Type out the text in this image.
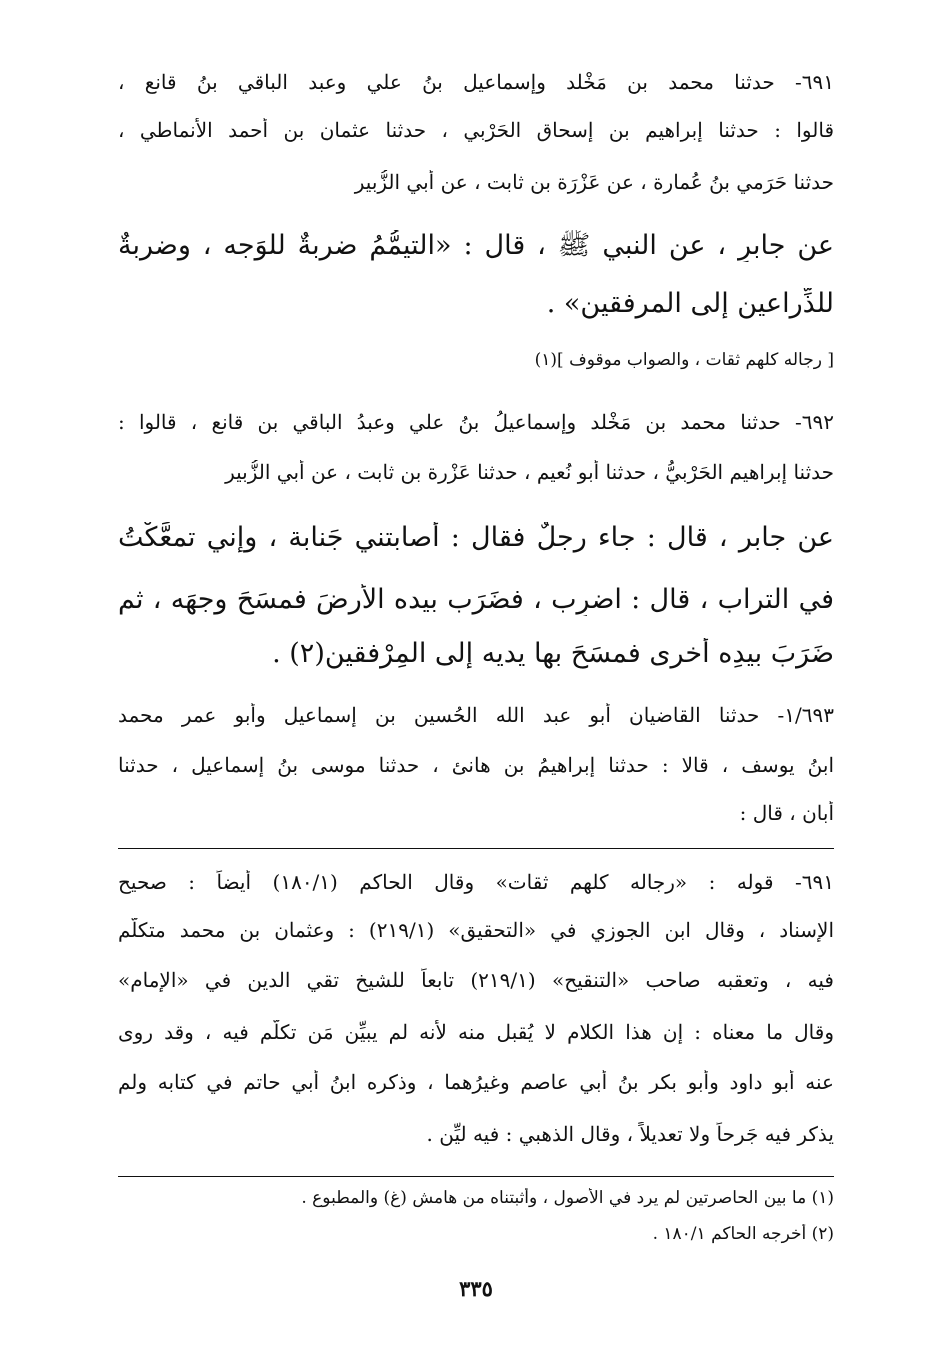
٦٩١- حدثنا محمد بن مَخْلد وإسماعيل بنُ علي وعبد الباقي بنُ قانع ،
قالوا : حدثنا إبراهيم بن إسحاق الحَرْبي ، حدثنا عثمان بن أحمد الأنماطي ،
حدثنا حَرَمي بنُ عُمارة ، عن عَزْرَة بن ثابت ، عن أبي الزُّبير
عن جابرٍ ، عن النبي ﷺ ، قال : «التيمُّمُ ضربةٌ للوَجه ، وضربةٌ
للذِّراعين إلى المرفقين» .
[ رجاله كلهم ثقات ، والصواب موقوف ](١)
٦٩٢- حدثنا محمد بن مَخْلد وإسماعيلُ بنُ علي وعبدُ الباقي بن قانع ، قالوا :
حدثنا إبراهيم الحَرْبيُّ ، حدثنا أبو نُعيم ، حدثنا عَزْرة بن ثابت ، عن أبي الزُّبير
عن جابر ، قال : جاء رجلٌ فقال : أصابتني جَنابة ، وإني تمعَّكْتُ
في التراب ، قال : اضرِب ، فضَرَب بيده الأرضَ فمسَحَ وجهَه ، ثم
ضَرَبَ بيدِه أخرى فمسَحَ بها يديه إلى المِرْفقين(٢) .
١/٦٩٣- حدثنا القاضيان أبو عبد الله الحُسين بن إسماعيل وأبو عمر محمد
ابنُ يوسف ، قالا : حدثنا إبراهيمُ بن هانئ ، حدثنا موسى بنُ إسماعيل ، حدثنا
أبان ، قال :
٦٩١- قوله : «رجاله كلهم ثقات» وقال الحاكم (١٨٠/١) أيضاً : صحيح
الإسناد ، وقال ابن الجوزي في «التحقيق» (٢١٩/١) : وعثمان بن محمد متكلَّم
فيه ، وتعقبه صاحب «التنقيح» (٢١٩/١) تابعاً للشيخ تقي الدين في «الإمام»
وقال ما معناه : إن هذا الكلام لا يُقبل منه لأنه لم يبيِّن مَن تكلَّم فيه ، وقد روى
عنه أبو داود وأبو بكر بنُ أبي عاصم وغيرُهما ، وذكره ابنُ أبي حاتم في كتابه ولم
يذكر فيه جَرحاً ولا تعديلاً ، وقال الذهبي : فيه ليِّن .
(١) ما بين الحاصرتين لم يرد في الأصول ، وأثبتناه من هامش (غ) والمطبوع .
(٢) أخرجه الحاكم ١٨٠/١ .
٣٣٥
